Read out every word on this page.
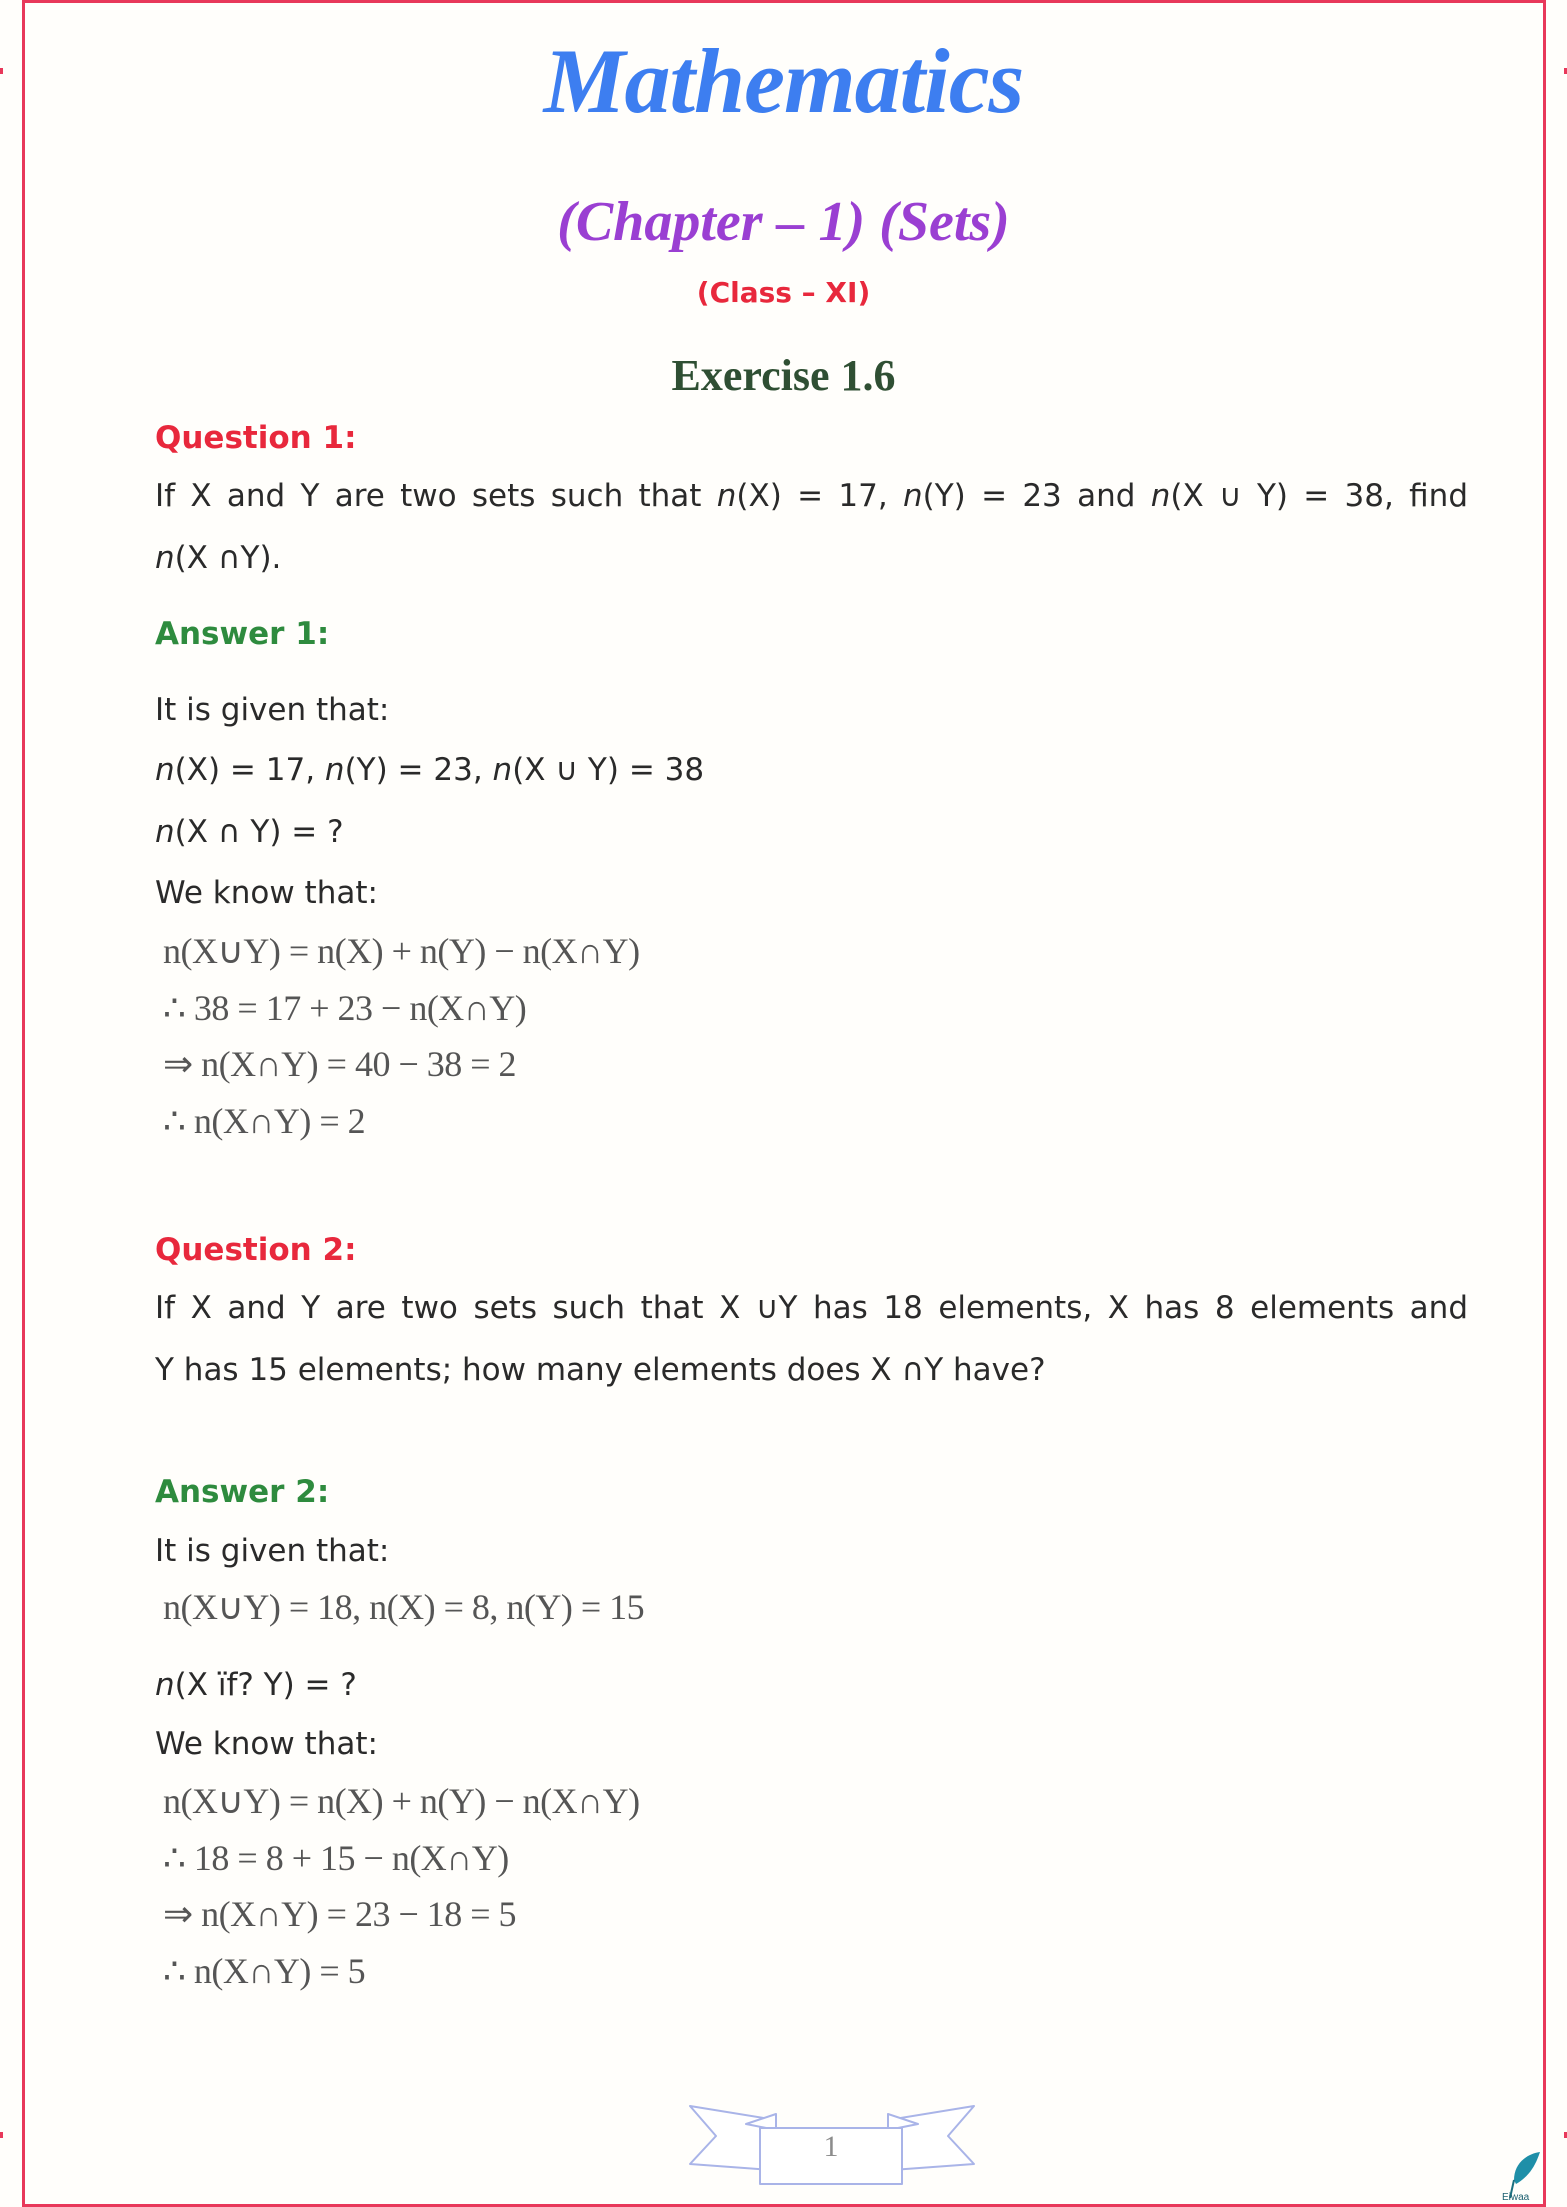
Mathematics
(Chapter – 1) (Sets)
(Class – XI)
Exercise 1.6
Question 1:
If X and Y are two sets such that n(X) = 17, n(Y) = 23 and n(X ∪ Y) = 38, find
n(X ∩Y).
Answer 1:
It is given that:
n(X) = 17, n(Y) = 23, n(X ∪ Y) = 38
n(X ∩ Y) = ?
We know that:
n(X∪Y) = n(X) + n(Y) − n(X∩Y)
∴ 38 = 17 + 23 − n(X∩Y)
⇒ n(X∩Y) = 40 − 38 = 2
∴ n(X∩Y) = 2
Question 2:
If X and Y are two sets such that X ∪Y has 18 elements, X has 8 elements and
Y has 15 elements; how many elements does X ∩Y have?
Answer 2:
It is given that:
n(X∪Y) = 18, n(X) = 8, n(Y) = 15
n(X ïf? Y) = ?
We know that:
n(X∪Y) = n(X) + n(Y) − n(X∩Y)
∴ 18 = 8 + 15 − n(X∩Y)
⇒ n(X∩Y) = 23 − 18 = 5
∴ n(X∩Y) = 5
1
Eiwaa
